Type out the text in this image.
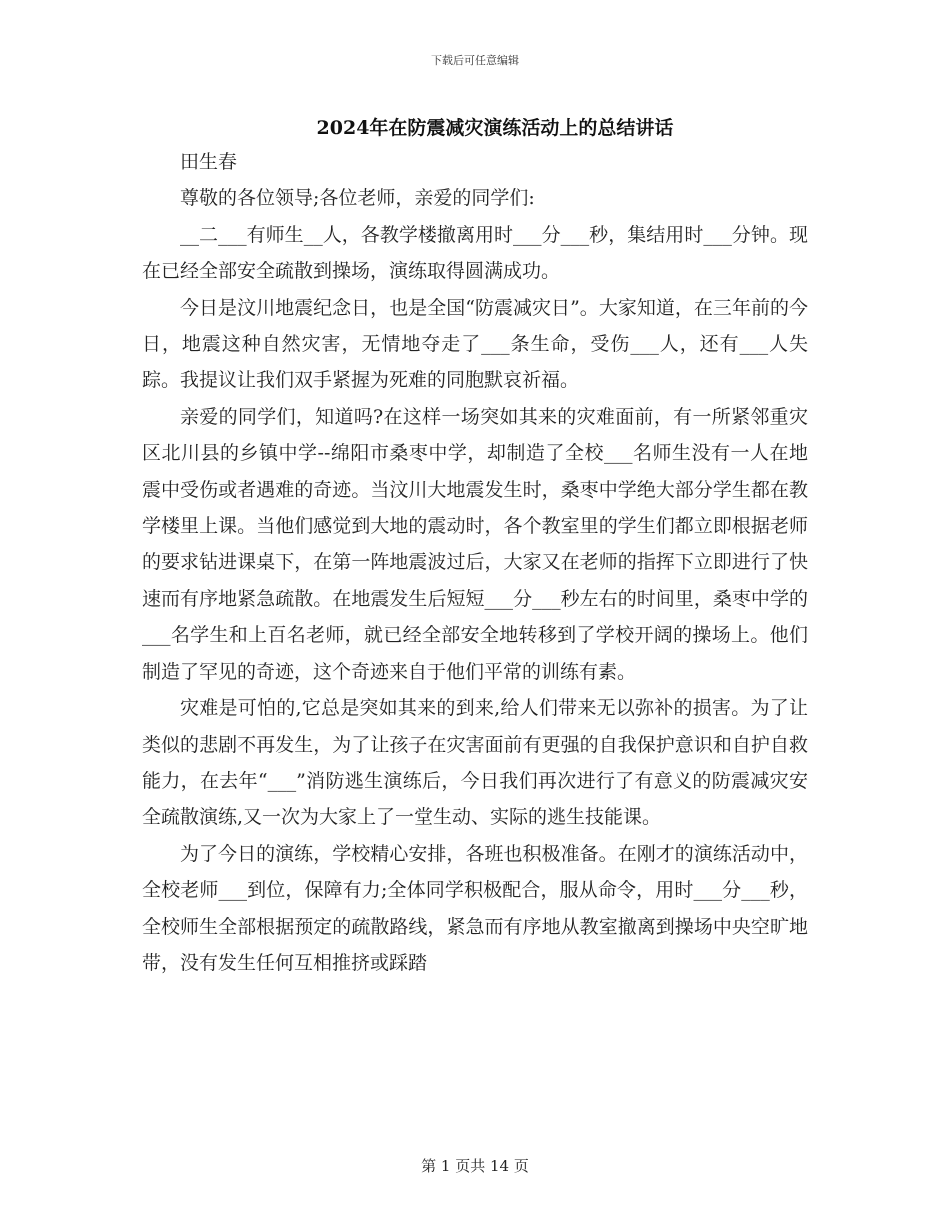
下载后可任意编辑
2024年在防震减灾演练活动上的总结讲话

田生春

尊敬的各位领导;各位老师，亲爱的同学们:

__二___有师生__人，各教学楼撤离用时___分___秒，集结用时___分钟。现在已经全部安全疏散到操场，演练取得圆满成功。

今日是汶川地震纪念日，也是全国“防震减灾日”。大家知道，在三年前的今日，地震这种自然灾害，无情地夺走了___条生命，受伤___人，还有___人失踪。我提议让我们双手紧握为死难的同胞默哀祈福。

亲爱的同学们，知道吗?在这样一场突如其来的灾难面前，有一所紧邻重灾区北川县的乡镇中学--绵阳市桑枣中学，却制造了全校___名师生没有一人在地震中受伤或者遇难的奇迹。当汶川大地震发生时，桑枣中学绝大部分学生都在教学楼里上课。当他们感觉到大地的震动时，各个教室里的学生们都立即根据老师的要求钻进课桌下，在第一阵地震波过后，大家又在老师的指挥下立即进行了快速而有序地紧急疏散。在地震发生后短短___分___秒左右的时间里，桑枣中学的___名学生和上百名老师，就已经全部安全地转移到了学校开阔的操场上。他们制造了罕见的奇迹，这个奇迹来自于他们平常的训练有素。

灾难是可怕的,它总是突如其来的到来,给人们带来无以弥补的损害。为了让类似的悲剧不再发生，为了让孩子在灾害面前有更强的自我保护意识和自护自救能力，在去年“___”消防逃生演练后，今日我们再次进行了有意义的防震减灾安全疏散演练,又一次为大家上了一堂生动、实际的逃生技能课。

为了今日的演练，学校精心安排，各班也积极准备。在刚才的演练活动中，全校老师___到位，保障有力;全体同学积极配合，服从命令，用时___分___秒，全校师生全部根据预定的疏散路线，紧急而有序地从教室撤离到操场中央空旷地带，没有发生任何互相推挤或踩踏

第 1 页共 14 页
